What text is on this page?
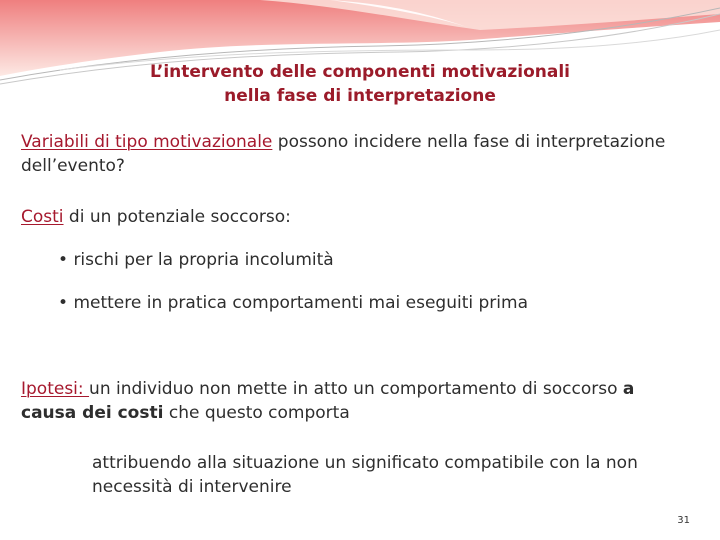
L’intervento delle componenti motivazionali
nella fase di interpretazione

Variabili di tipo motivazionale possono incidere nella fase di interpretazione dell’evento?

Costi di un potenziale soccorso:

• rischi per la propria incolumità

• mettere in pratica comportamenti mai eseguiti prima

Ipotesi: un individuo non mette in atto un comportamento di soccorso a causa dei costi che questo comporta

attribuendo alla situazione un significato compatibile con la non necessità di intervenire

31
